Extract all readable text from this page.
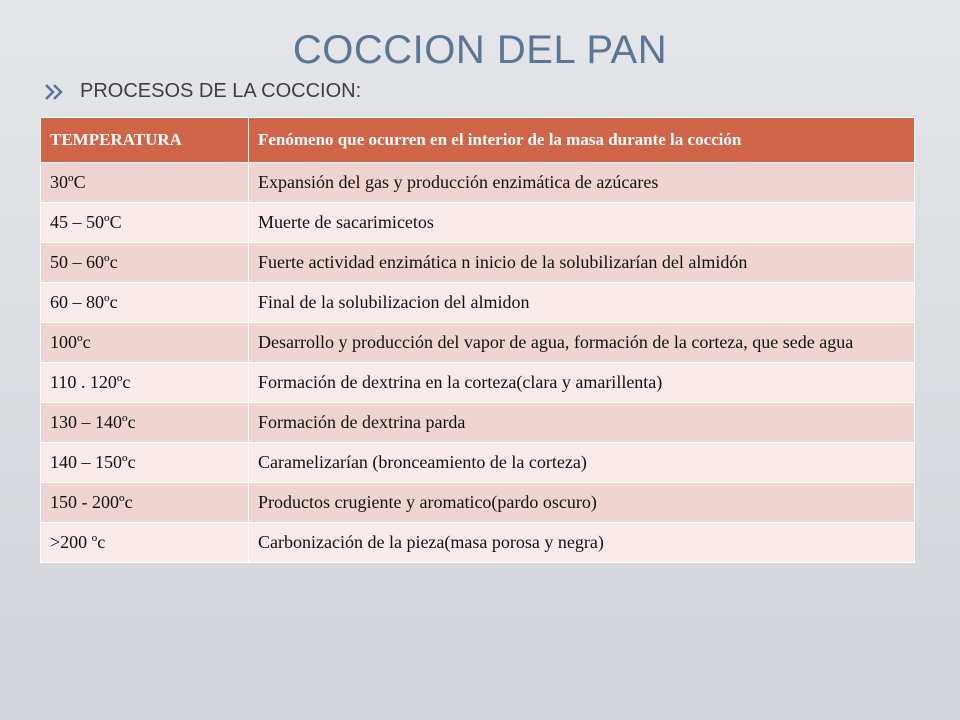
COCCION DEL PAN
PROCESOS DE LA COCCION:
TEMPERATURA	Fenómeno que ocurren en el interior de la masa durante la cocción
30ºC	Expansión del gas y producción enzimática de azúcares
45 – 50ºC	Muerte de sacarimicetos
50 – 60ºc	Fuerte actividad enzimática n inicio de la solubilizarían del almidón
60 – 80ºc	Final de la solubilizacion del almidon
100ºc	Desarrollo y producción del vapor de agua, formación de la corteza, que sede agua
110 . 120ºc	Formación de dextrina en la corteza(clara y amarillenta)
130 – 140ºc	Formación de dextrina parda
140 – 150ºc	Caramelizarían (bronceamiento de la corteza)
150 - 200ºc	Productos crugiente y aromatico(pardo oscuro)
>200 ºc	Carbonización de la pieza(masa porosa y negra)
